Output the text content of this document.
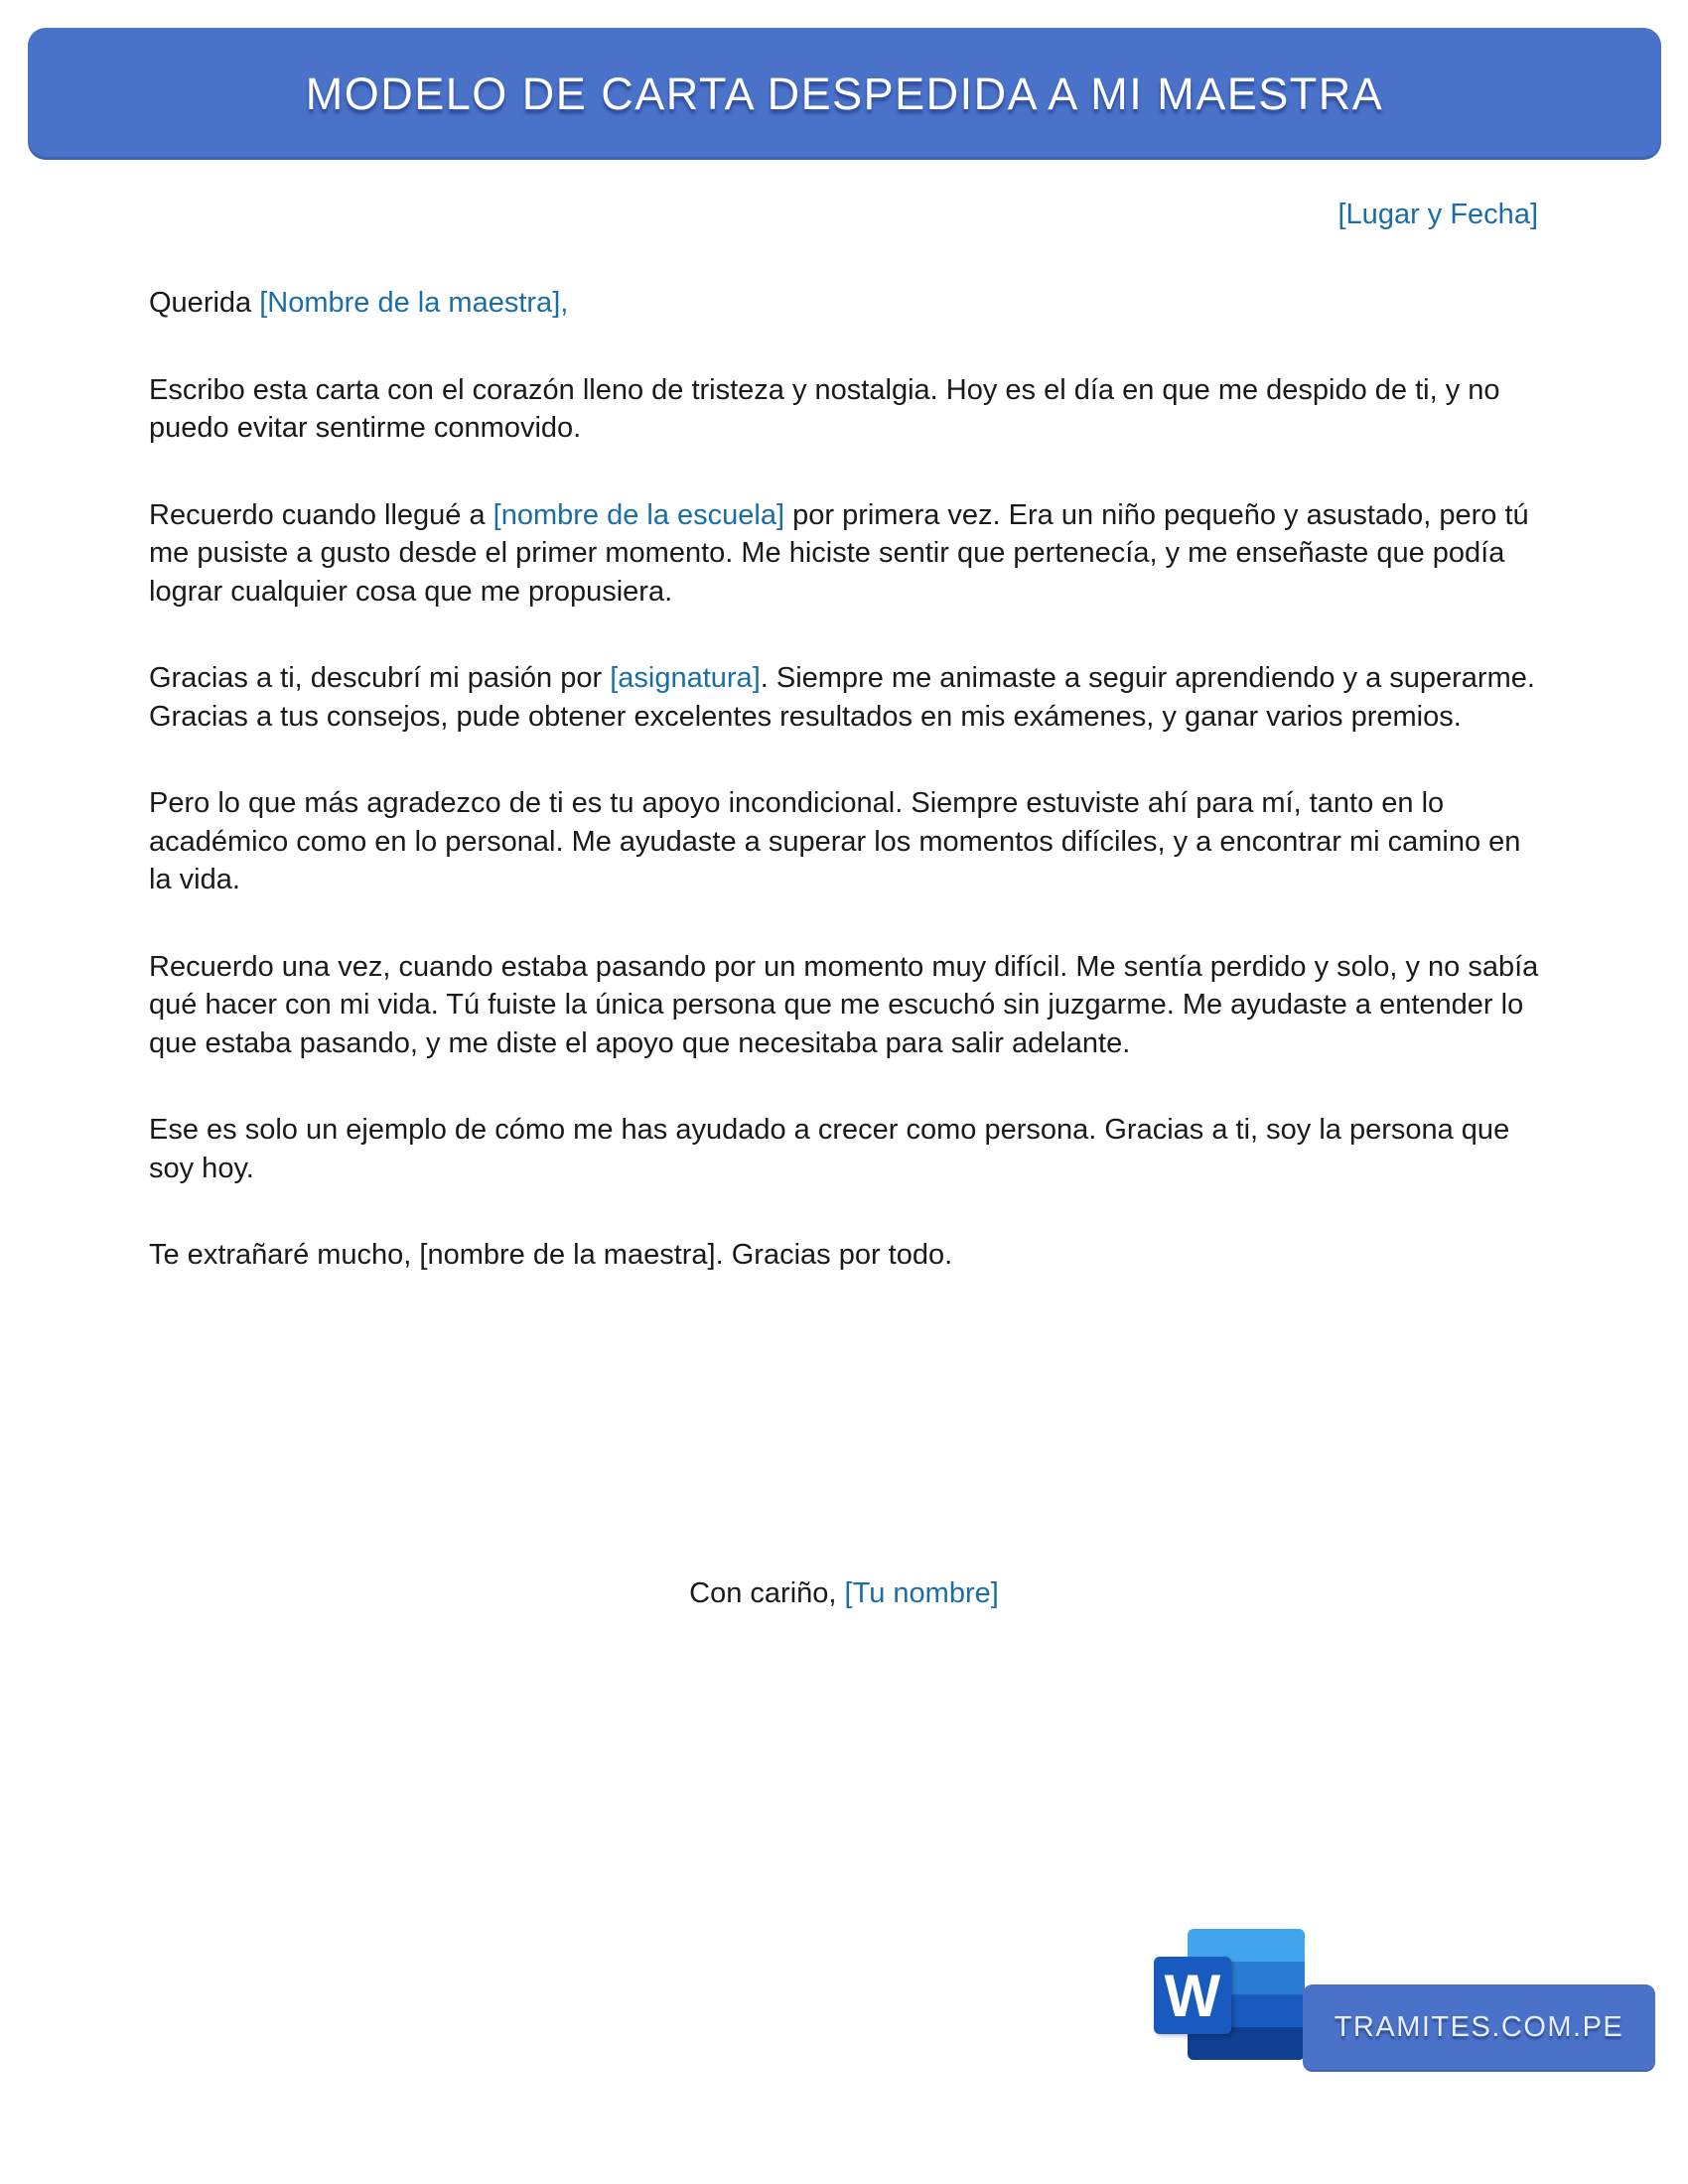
MODELO DE CARTA DESPEDIDA A MI MAESTRA
[Lugar y Fecha]

Querida [Nombre de la maestra],

Escribo esta carta con el corazón lleno de tristeza y nostalgia. Hoy es el día en que me despido de ti, y no puedo evitar sentirme conmovido.

Recuerdo cuando llegué a [nombre de la escuela] por primera vez. Era un niño pequeño y asustado, pero tú me pusiste a gusto desde el primer momento. Me hiciste sentir que pertenecía, y me enseñaste que podía lograr cualquier cosa que me propusiera.

Gracias a ti, descubrí mi pasión por [asignatura]. Siempre me animaste a seguir aprendiendo y a superarme. Gracias a tus consejos, pude obtener excelentes resultados en mis exámenes, y ganar varios premios.

Pero lo que más agradezco de ti es tu apoyo incondicional. Siempre estuviste ahí para mí, tanto en lo académico como en lo personal. Me ayudaste a superar los momentos difíciles, y a encontrar mi camino en la vida.

Recuerdo una vez, cuando estaba pasando por un momento muy difícil. Me sentía perdido y solo, y no sabía qué hacer con mi vida. Tú fuiste la única persona que me escuchó sin juzgarme. Me ayudaste a entender lo que estaba pasando, y me diste el apoyo que necesitaba para salir adelante.

Ese es solo un ejemplo de cómo me has ayudado a crecer como persona. Gracias a ti, soy la persona que soy hoy.

Te extrañaré mucho, [nombre de la maestra]. Gracias por todo.

Con cariño, [Tu nombre]
W	TRAMITES.COM.PE
